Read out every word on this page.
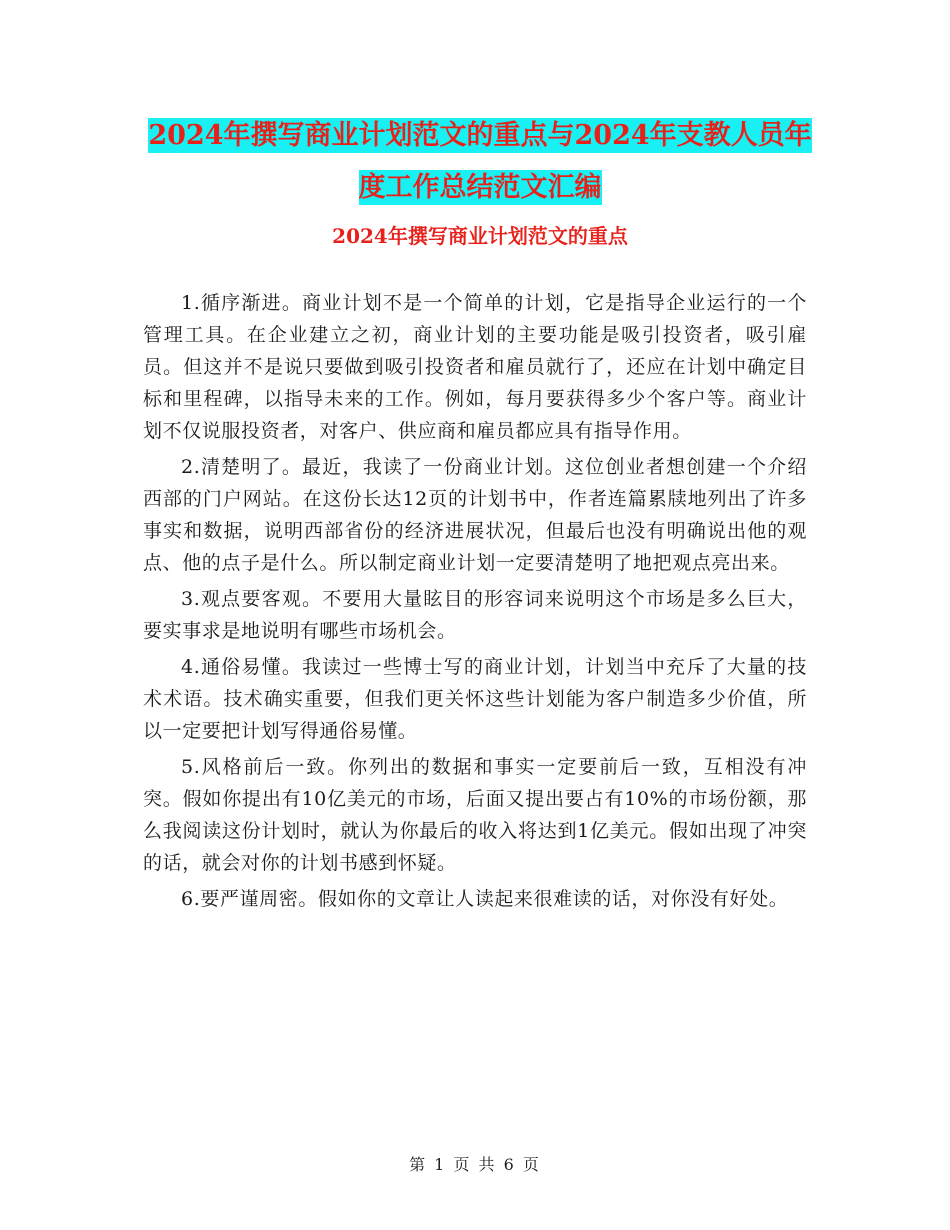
2024年撰写商业计划范文的重点与2024年支教人员年
度工作总结范文汇编
2024年撰写商业计划范文的重点

1.循序渐进。商业计划不是一个简单的计划，它是指导企业运行的一个管理工具。在企业建立之初，商业计划的主要功能是吸引投资者，吸引雇员。但这并不是说只要做到吸引投资者和雇员就行了，还应在计划中确定目标和里程碑，以指导未来的工作。例如，每月要获得多少个客户等。商业计划不仅说服投资者，对客户、供应商和雇员都应具有指导作用。

2.清楚明了。最近，我读了一份商业计划。这位创业者想创建一个介绍西部的门户网站。在这份长达12页的计划书中，作者连篇累牍地列出了许多事实和数据，说明西部省份的经济进展状况，但最后也没有明确说出他的观点、他的点子是什么。所以制定商业计划一定要清楚明了地把观点亮出来。

3.观点要客观。不要用大量眩目的形容词来说明这个市场是多么巨大，要实事求是地说明有哪些市场机会。

4.通俗易懂。我读过一些博士写的商业计划，计划当中充斥了大量的技术术语。技术确实重要，但我们更关怀这些计划能为客户制造多少价值，所以一定要把计划写得通俗易懂。

5.风格前后一致。你列出的数据和事实一定要前后一致，互相没有冲突。假如你提出有10亿美元的市场，后面又提出要占有10%的市场份额，那么我阅读这份计划时，就认为你最后的收入将达到1亿美元。假如出现了冲突的话，就会对你的计划书感到怀疑。

6.要严谨周密。假如你的文章让人读起来很难读的话，对你没有好处。

第 1 页 共 6 页
